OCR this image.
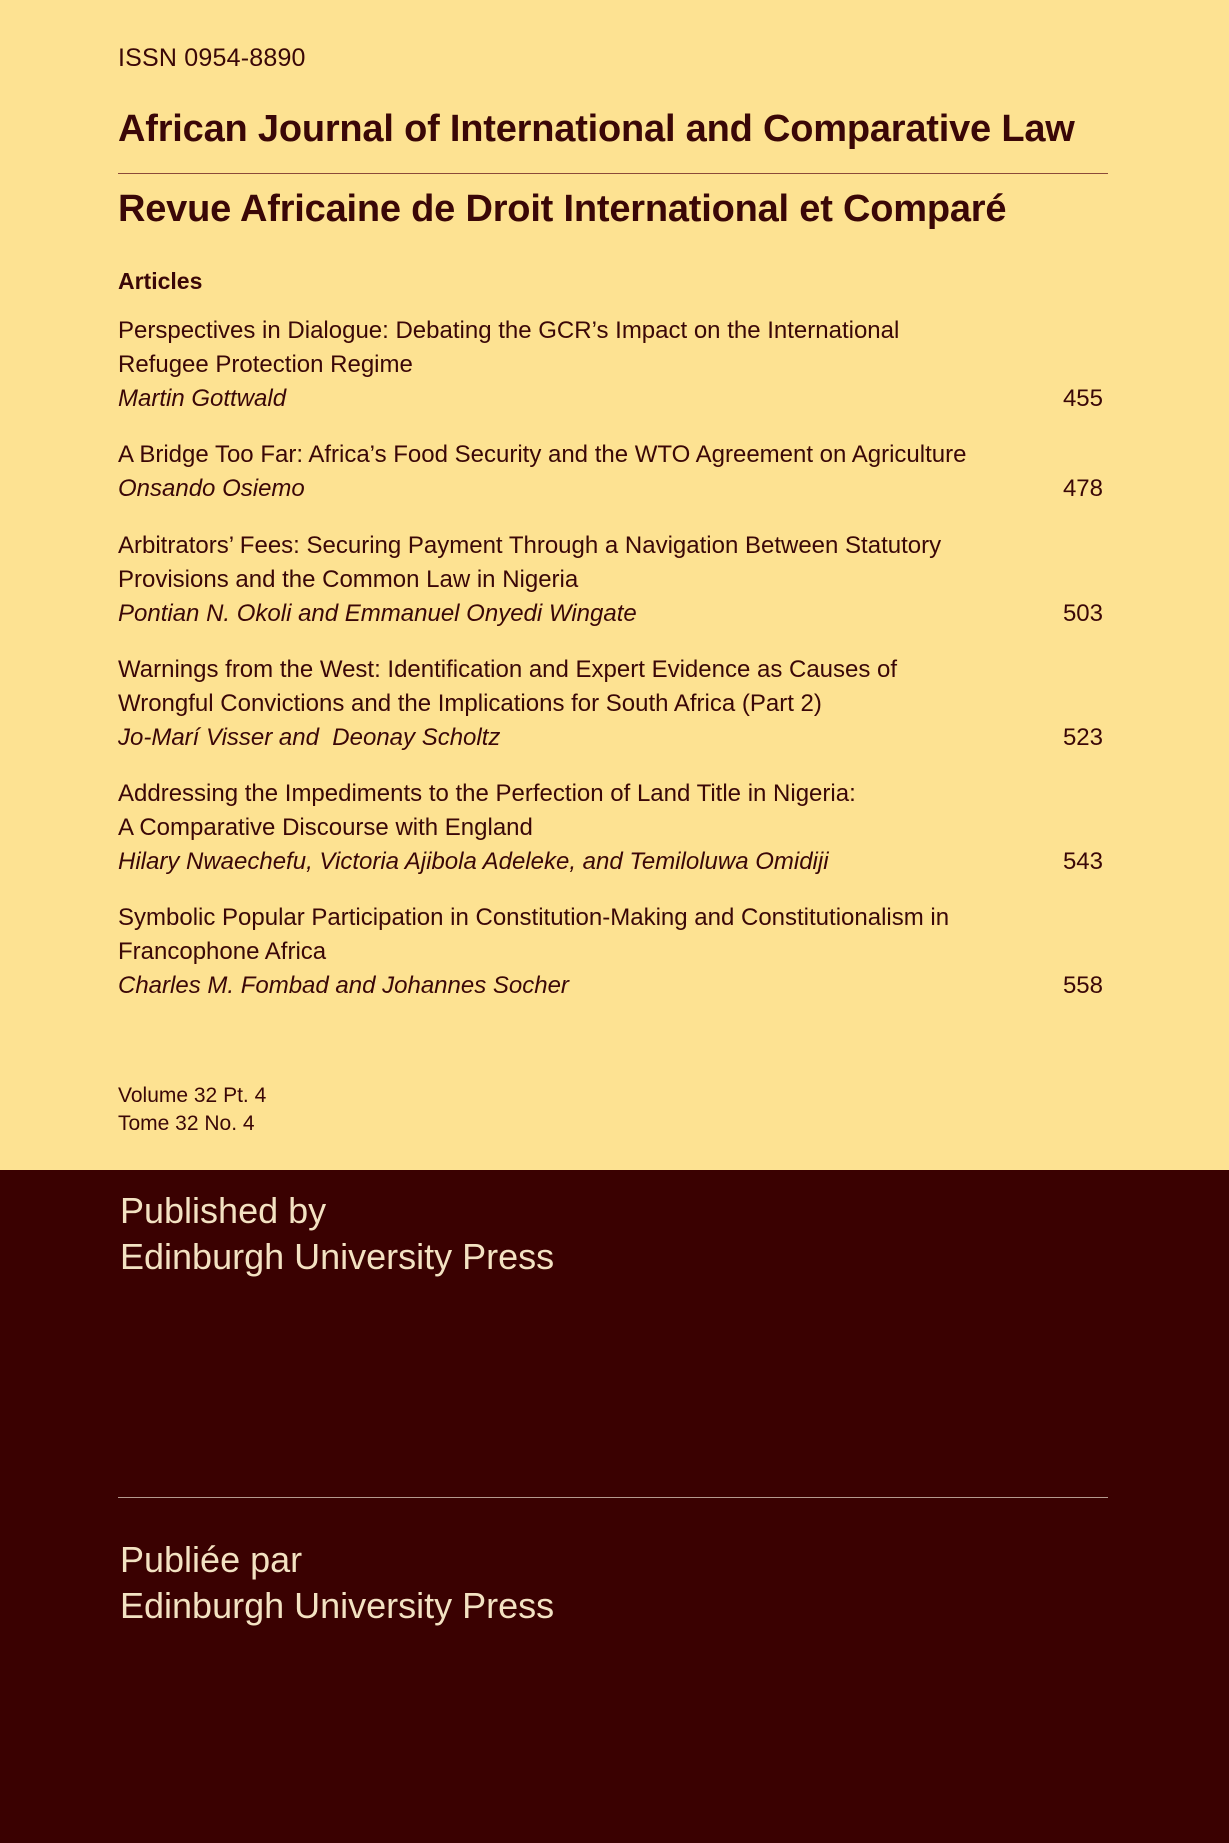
ISSN 0954-8890
African Journal of International and Comparative Law
Revue Africaine de Droit International et Comparé
Articles
Perspectives in Dialogue: Debating the GCR’s Impact on the International
Refugee Protection Regime
Martin Gottwald	455
A Bridge Too Far: Africa’s Food Security and the WTO Agreement on Agriculture
Onsando Osiemo	478
Arbitrators’ Fees: Securing Payment Through a Navigation Between Statutory
Provisions and the Common Law in Nigeria
Pontian N. Okoli and Emmanuel Onyedi Wingate	503
Warnings from the West: Identification and Expert Evidence as Causes of
Wrongful Convictions and the Implications for South Africa (Part 2)
Jo-Marí Visser and  Deonay Scholtz	523
Addressing the Impediments to the Perfection of Land Title in Nigeria:
A Comparative Discourse with England
Hilary Nwaechefu, Victoria Ajibola Adeleke, and Temiloluwa Omidiji	543
Symbolic Popular Participation in Constitution-Making and Constitutionalism in
Francophone Africa
Charles M. Fombad and Johannes Socher	558
Volume 32 Pt. 4
Tome 32 No. 4
Published by
Edinburgh University Press
Publiée par
Edinburgh University Press
